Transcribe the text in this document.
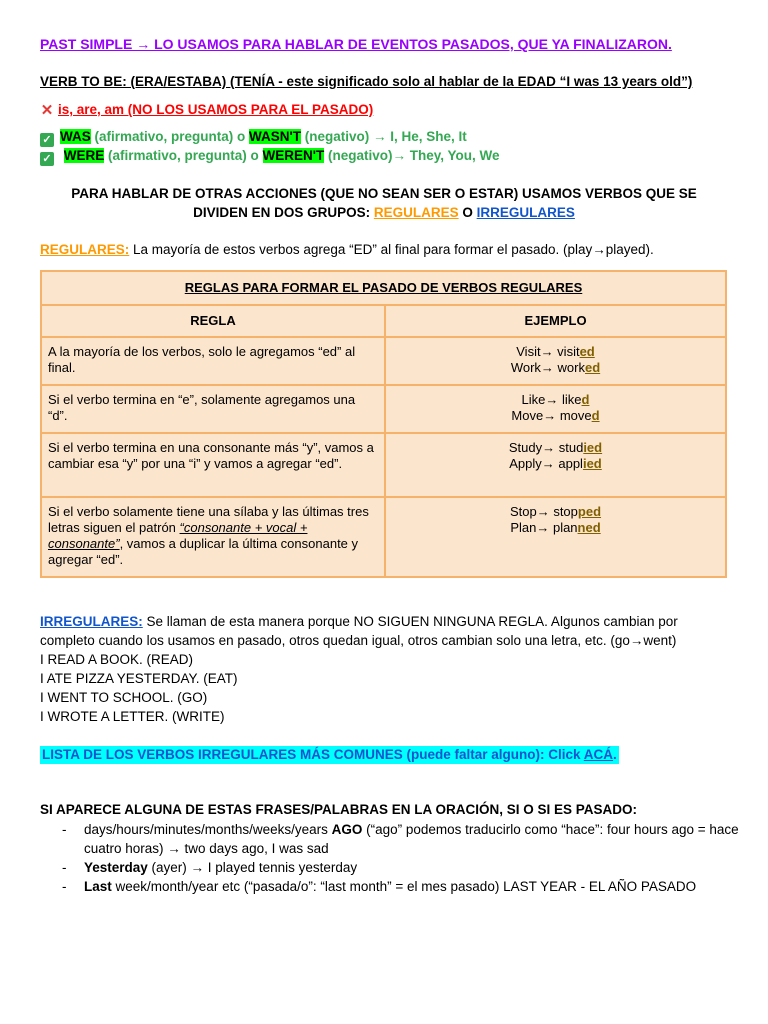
PAST SIMPLE → LO USAMOS PARA HABLAR DE EVENTOS PASADOS, QUE YA FINALIZARON.
VERB TO BE: (ERA/ESTABA) (TENÍA - este significado solo al hablar de la EDAD “I was 13 years old”)
✕ is, are, am (NO LOS USAMOS PARA EL PASADO)
✓ WAS (afirmativo, pregunta) o WASN'T (negativo) → I, He, She, It
✓ WERE (afirmativo, pregunta) o WEREN'T (negativo)→ They, You, We
PARA HABLAR DE OTRAS ACCIONES (QUE NO SEAN SER O ESTAR) USAMOS VERBOS QUE SE
DIVIDEN EN DOS GRUPOS: REGULARES O IRREGULARES
REGULARES: La mayoría de estos verbos agrega “ED” al final para formar el pasado. (play→played).
REGLAS PARA FORMAR EL PASADO DE VERBOS REGULARES	
REGLA	EJEMPLO
A la mayoría de los verbos, solo le agregamos “ed” al final.	Visit→ visited
Work→ worked

Si el verbo termina en “e”, solamente agregamos una “d”.	Like→ liked
Move→ moved

Si el verbo termina en una consonante más “y”, vamos a cambiar esa “y” por una “i” y vamos a agregar “ed”.	Study→ studied
Apply→ applied

Si el verbo solamente tiene una sílaba y las últimas tres letras siguen el patrón “consonante + vocal + consonante”, vamos a duplicar la última consonante y agregar “ed”.	Stop→ stopped
Plan→ planned
IRREGULARES: Se llaman de esta manera porque NO SIGUEN NINGUNA REGLA. Algunos cambian por
completo cuando los usamos en pasado, otros quedan igual, otros cambian solo una letra, etc. (go→went)
I READ A BOOK. (READ)
I ATE PIZZA YESTERDAY. (EAT)
I WENT TO SCHOOL. (GO)
I WROTE A LETTER. (WRITE)
LISTA DE LOS VERBOS IRREGULARES MÁS COMUNES (puede faltar alguno): Click ACÁ.
SI APARECE ALGUNA DE ESTAS FRASES/PALABRAS EN LA ORACIÓN, SI O SI ES PASADO:
- days/hours/minutes/months/weeks/years AGO (“ago” podemos traducirlo como “hace”: four hours ago = hace cuatro horas) → two days ago, I was sad
- Yesterday (ayer) → I played tennis yesterday
- Last week/month/year etc (“pasada/o”: “last month” = el mes pasado) LAST YEAR - EL AÑO PASADO
